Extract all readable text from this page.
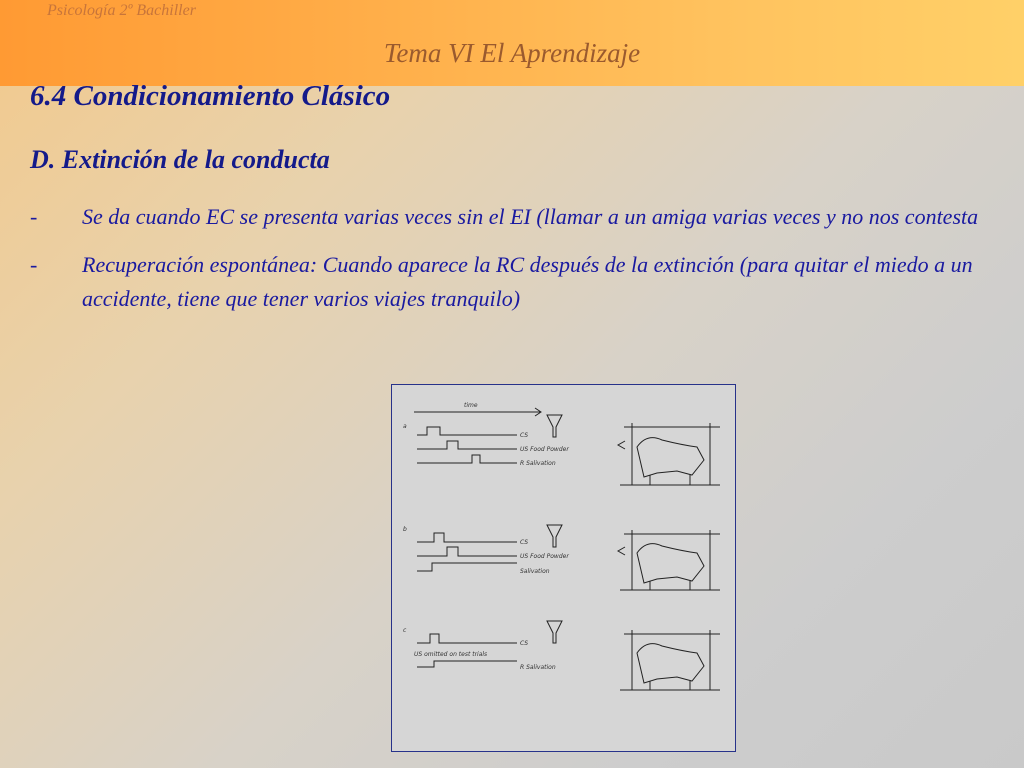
Psicología 2º Bachiller
Tema VI El Aprendizaje
6.4 Condicionamiento Clásico
D. Extinción de la conducta
- Se da cuando EC se presenta varias veces sin el EI (llamar a un amiga varias veces y no nos contesta
- Recuperación espontánea: Cuando aparece la RC después de la extinción (para quitar el miedo a un accidente, tiene que tener varios viajes tranquilo)
time
a
CS
US Food Powder
R Salivation
b
CS
US Food Powder
Salivation
c
CS
US omitted on test trials
R Salivation
